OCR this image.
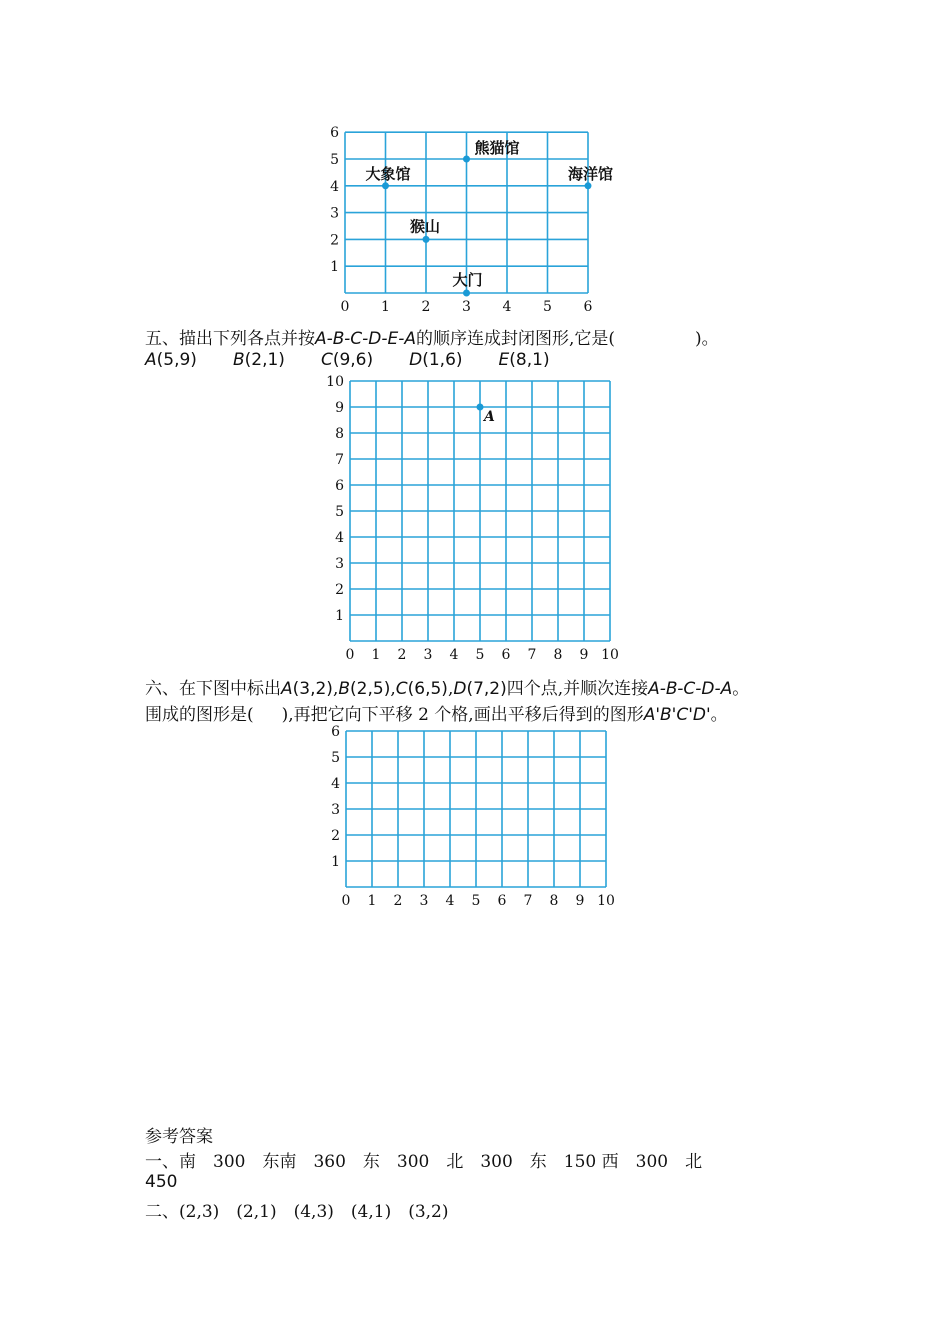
0 1 2 3 4 5 6
1
2
3
4
5
6
熊猫馆
大象馆	海洋馆
猴山
大门
五、描出下列各点并按A-B-C-D-E-A的顺序连成封闭图形,它是(	)。
A(5,9) B(2,1) C(9,6) D(1,6) E(8,1)
0 1 2 3 4 5 6 7 8 9 10
1
2
3
4
5
6
7
8
9
10
A
六、在下图中标出A(3,2),B(2,5),C(6,5),D(7,2)四个点,并顺次连接A-B-C-D-A。
围成的图形是( ),再把它向下平移 2 个格,画出平移后得到的图形A'B'C'D'。
0 1 2 3 4 5 6 7 8 9 10
1
2
3
4
5
6
参考答案
一、南　300　东南　360　东　300　北　300　东　150 西　300　北
450
二、(2,3)　(2,1)　(4,3)　(4,1)　(3,2)
